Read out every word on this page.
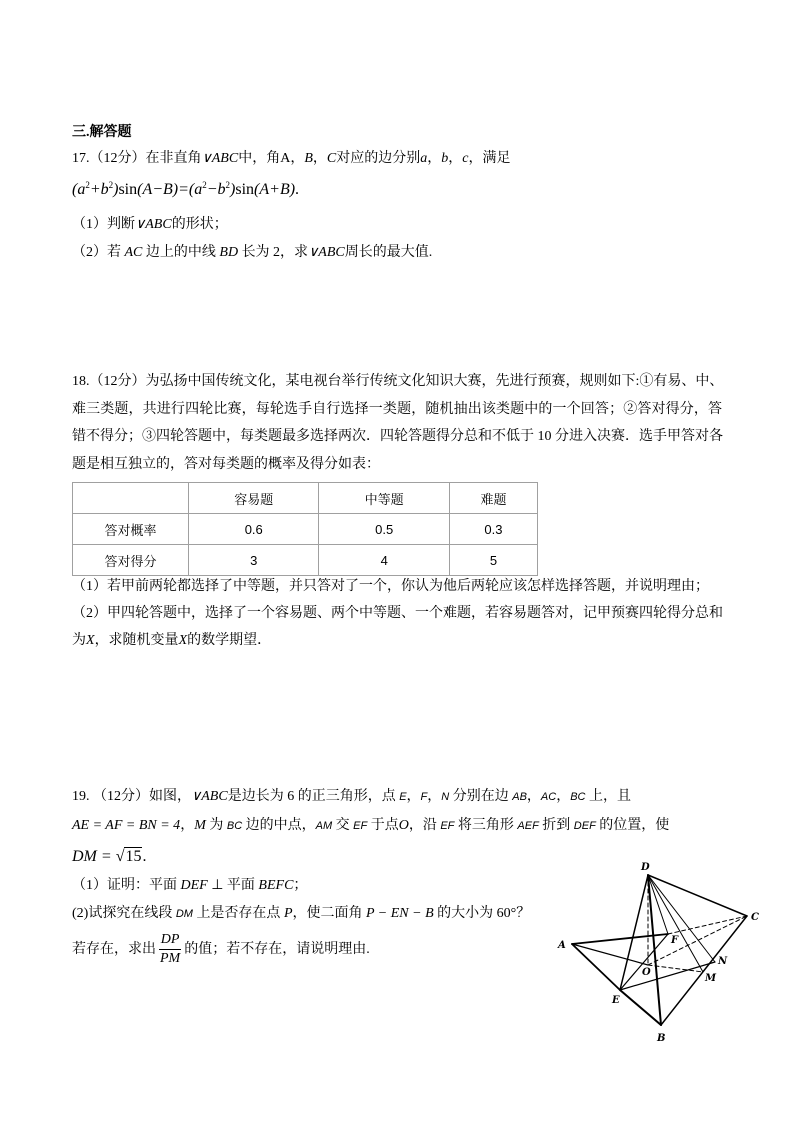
三.解答题
17.（12分）在非直角∨ABC中，角A，B，C对应的边分别a，b，c，满足
$(a^2+b^2)\sin(A-B)=(a^2-b^2)\sin(A+B)$.
（1）判断∨ABC的形状；
（2）若 AC 边上的中线 BD 长为 2，求∨ABC周长的最大值.
18.（12分）为弘扬中国传统文化，某电视台举行传统文化知识大赛，先进行预赛，规则如下:①有易、中、
难三类题，共进行四轮比赛，每轮选手自行选择一类题，随机抽出该类题中的一个回答；②答对得分，答
错不得分；③四轮答题中，每类题最多选择两次．四轮答题得分总和不低于 10 分进入决赛．选手甲答对各
题是相互独立的，答对每类题的概率及得分如表：
	容易题	中等题	难题
答对概率	0.6	0.5	0.3
答对得分	3	4	5
（1）若甲前两轮都选择了中等题，并只答对了一个，你认为他后两轮应该怎样选择答题，并说明理由；
（2）甲四轮答题中，选择了一个容易题、两个中等题、一个难题，若容易题答对，记甲预赛四轮得分总和
为X，求随机变量X的数学期望．
19. （12分）如图，∨ABC是边长为 6 的正三角形，点 E，F，N 分别在边 AB，AC，BC 上，且
AE = AF = BN = 4，M 为 BC 边的中点，AM 交 EF 于点O，沿 EF 将三角形 AEF 折到 DEF 的位置，使
DM = √15.
（1）证明：平面 DEF ⊥ 平面 BEFC；
(2)试探究在线段 DM 上是否存在点 P，使二面角 P − EN − B 的大小为 60°？
若存在，求出 $\frac{DP}{PM}$ 的值；若不存在，请说明理由.
D
C
A	F
O
N
M
E
B
